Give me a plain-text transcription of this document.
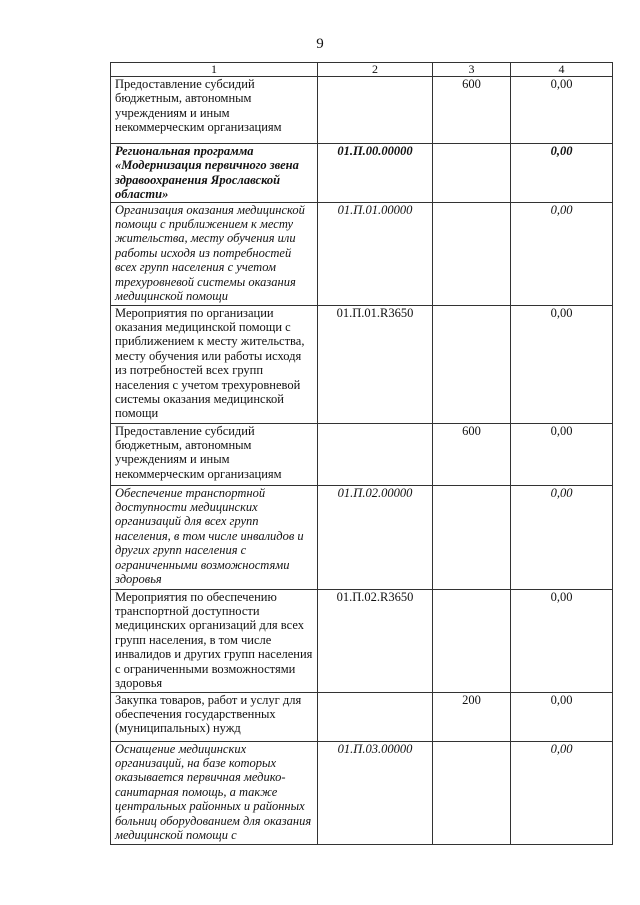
9
1	2	3	4
Предоставление субсидий бюджетным, автономным учреждениям и иным некоммерческим организациям		600	0,00
Региональная программа «Модернизация первичного звена здравоохранения Ярославской области»	01.П.00.00000		0,00
Организация оказания медицинской помощи с приближением к месту жительства, месту обучения или работы исходя из потребностей всех групп населения с учетом трехуровневой системы оказания медицинской помощи	01.П.01.00000		0,00
Мероприятия по организации оказания медицинской помощи с приближением к месту жительства, месту обучения или работы исходя из потребностей всех групп населения с учетом трехуровневой системы оказания медицинской помощи	01.П.01.R3650		0,00
Предоставление субсидий бюджетным, автономным учреждениям и иным некоммерческим организациям		600	0,00
Обеспечение транспортной доступности медицинских организаций для всех групп населения, в том числе инвалидов и других групп населения с ограниченными возможностями здоровья	01.П.02.00000		0,00
Мероприятия по обеспечению транспортной доступности медицинских организаций для всех групп населения, в том числе инвалидов и других групп населения с ограниченными возможностями здоровья	01.П.02.R3650		0,00
Закупка товаров, работ и услуг для обеспечения государственных (муниципальных) нужд		200	0,00
Оснащение медицинских организаций, на базе которых оказывается первичная медико-санитарная помощь, а также центральных районных и районных больниц оборудованием для оказания медицинской помощи с	01.П.03.00000		0,00
